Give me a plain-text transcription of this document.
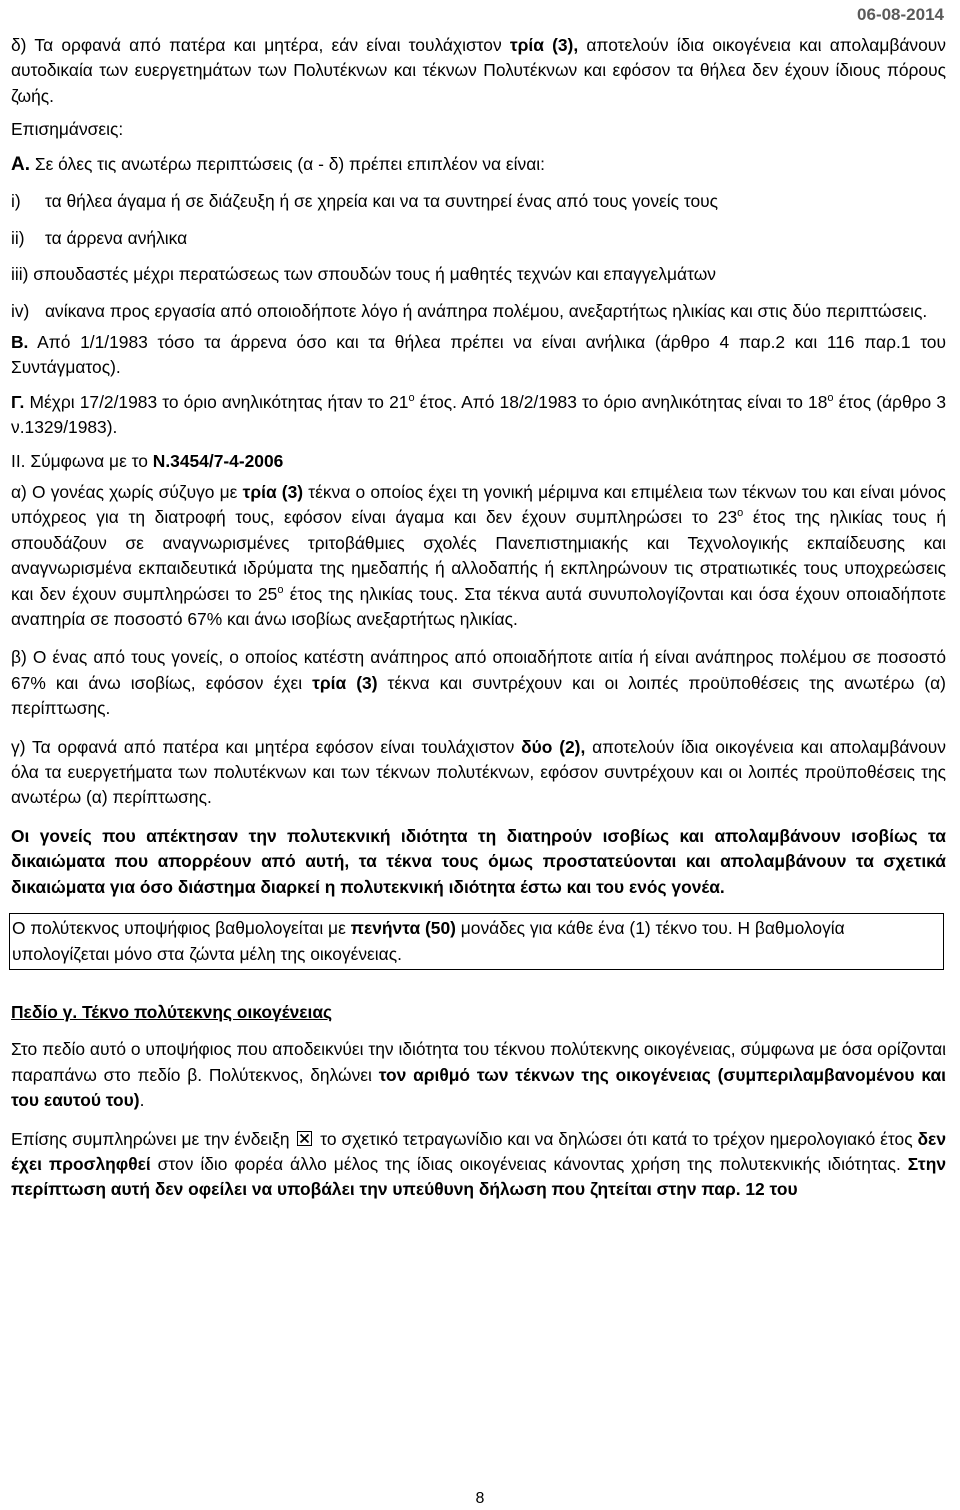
06-08-2014

δ) Τα ορφανά από πατέρα και μητέρα, εάν είναι τουλάχιστον τρία (3), αποτελούν ίδια οικογένεια και απολαμβάνουν αυτοδικαία των ευεργετημάτων των Πολυτέκνων και τέκνων Πολυτέκνων και εφόσον τα θήλεα δεν έχουν ίδιους πόρους ζωής.

Επισημάνσεις:

Α. Σε όλες τις ανωτέρω περιπτώσεις (α - δ) πρέπει επιπλέον να είναι:

i)	τα θήλεα άγαμα ή σε διάζευξη ή σε χηρεία και να τα συντηρεί ένας από τους γονείς τους
ii)	τα άρρενα ανήλικα
iii) σπουδαστές μέχρι περατώσεως των σπουδών τους ή μαθητές τεχνών και επαγγελμάτων
iv) ανίκανα προς εργασία από οποιοδήποτε λόγο ή ανάπηρα πολέμου, ανεξαρτήτως ηλικίας και στις δύο περιπτώσεις.

Β. Από 1/1/1983 τόσο τα άρρενα όσο και τα θήλεα πρέπει να είναι ανήλικα (άρθρο 4 παρ.2 και 116 παρ.1 του Συντάγματος).

Γ. Μέχρι 17/2/1983 το όριο ανηλικότητας ήταν το $21^o$ έτος. Από 18/2/1983 το όριο ανηλικότητας είναι το $18^o$ έτος (άρθρο 3 ν.1329/1983).

ΙΙ. Σύμφωνα με το Ν.3454/7-4-2006

α) Ο γονέας χωρίς σύζυγο με τρία (3) τέκνα ο οποίος έχει τη γονική μέριμνα και επιμέλεια των τέκνων του και είναι μόνος υπόχρεος για τη διατροφή τους, εφόσον είναι άγαμα και δεν έχουν συμπληρώσει το $23^o$ έτος της ηλικίας τους ή σπουδάζουν σε αναγνωρισμένες τριτοβάθμιες σχολές Πανεπιστημιακής και Τεχνολογικής εκπαίδευσης και αναγνωρισμένα εκπαιδευτικά ιδρύματα της ημεδαπής ή αλλοδαπής ή εκπληρώνουν τις στρατιωτικές τους υποχρεώσεις και δεν έχουν συμπληρώσει το $25^o$ έτος της ηλικίας τους. Στα τέκνα αυτά συνυπολογίζονται και όσα έχουν οποιαδήποτε αναπηρία σε ποσοστό 67% και άνω ισοβίως ανεξαρτήτως ηλικίας.

β) Ο ένας από τους γονείς, ο οποίος κατέστη ανάπηρος από οποιαδήποτε αιτία ή είναι ανάπηρος πολέμου σε ποσοστό 67% και άνω ισοβίως, εφόσον έχει τρία (3) τέκνα και συντρέχουν και οι λοιπές προϋποθέσεις της ανωτέρω (α) περίπτωσης.

γ) Τα ορφανά από πατέρα και μητέρα εφόσον είναι τουλάχιστον δύο (2), αποτελούν ίδια οικογένεια και απολαμβάνουν όλα τα ευεργετήματα των πολυτέκνων και των τέκνων πολυτέκνων, εφόσον συντρέχουν και οι λοιπές προϋποθέσεις της ανωτέρω (α) περίπτωσης.

Οι γονείς που απέκτησαν την πολυτεκνική ιδιότητα τη διατηρούν ισοβίως και απολαμβάνουν ισοβίως τα δικαιώματα που απορρέουν από αυτή, τα τέκνα τους όμως προστατεύονται και απολαμβάνουν τα σχετικά δικαιώματα για όσο διάστημα διαρκεί η πολυτεκνική ιδιότητα έστω και του ενός γονέα.

Ο πολύτεκνος υποψήφιος βαθμολογείται με πενήντα (50) μονάδες για κάθε ένα (1) τέκνο του. Η βαθμολογία υπολογίζεται μόνο στα ζώντα μέλη της οικογένειας.

Πεδίο γ. Τέκνο πολύτεκνης οικογένειας

Στο πεδίο αυτό ο υποψήφιος που αποδεικνύει την ιδιότητα του τέκνου πολύτεκνης οικογένειας, σύμφωνα με όσα ορίζονται παραπάνω στο πεδίο β. Πολύτεκνος, δηλώνει τον αριθμό των τέκνων της οικογένειας (συμπεριλαμβανομένου και του εαυτού του).

Επίσης συμπληρώνει με την ένδειξη
το σχετικό τετραγωνίδιο και να δηλώσει ότι κατά το τρέχον ημερολογιακό έτος δεν έχει προσληφθεί στον ίδιο φορέα άλλο μέλος της ίδιας οικογένειας κάνοντας χρήση της πολυτεκνικής ιδιότητας. Στην περίπτωση αυτή δεν οφείλει να υποβάλει την υπεύθυνη δήλωση που ζητείται στην παρ. 12 του

8
